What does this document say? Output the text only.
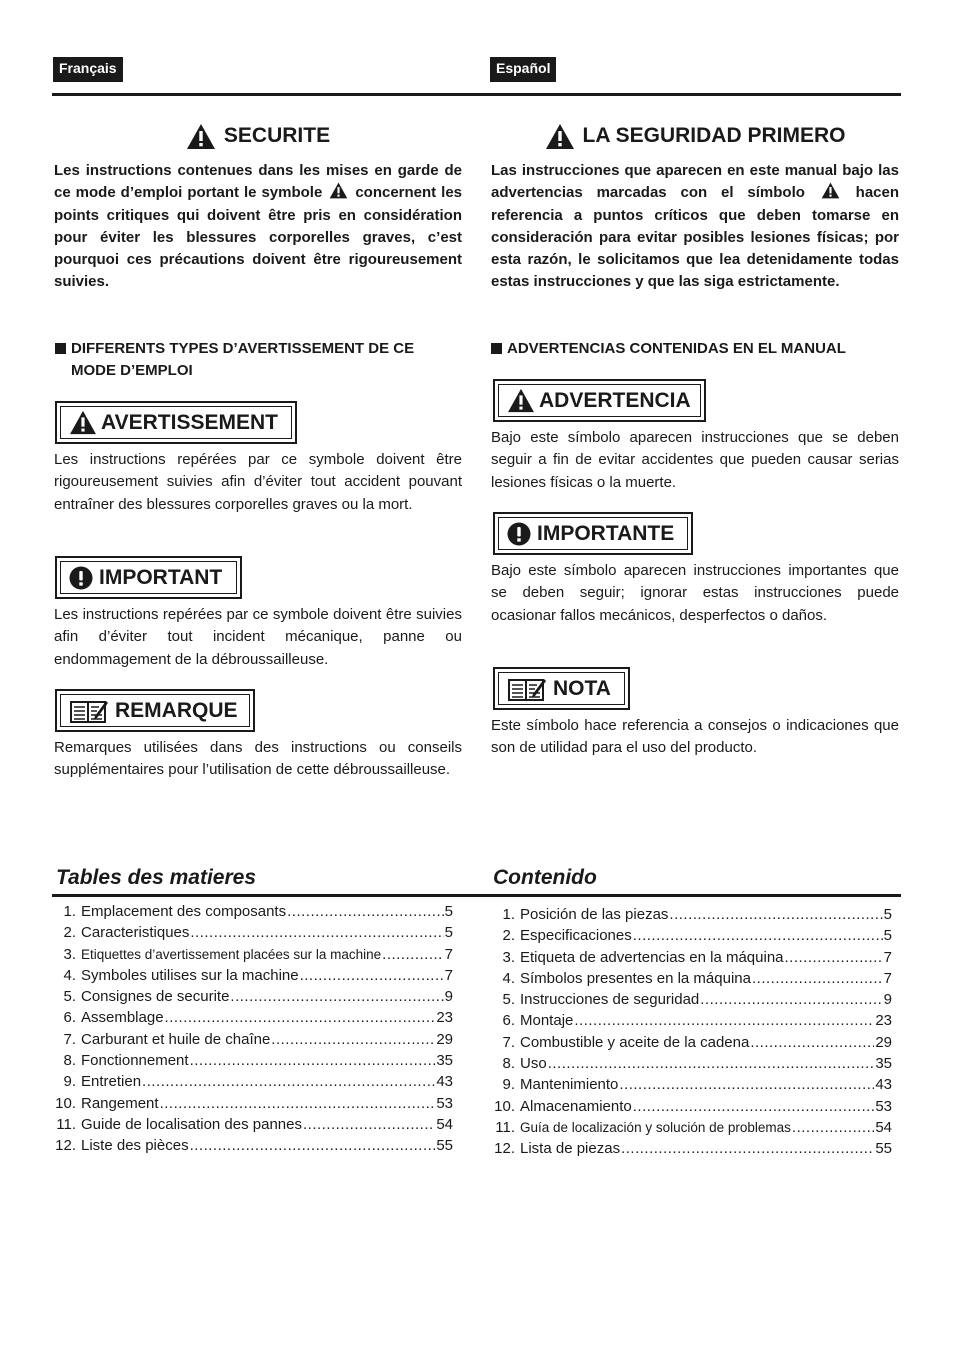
Français	Español
SECURITE
Les instructions contenues dans les mises en garde de ce mode d’emploi portant le symbole concernent les points critiques qui doivent être pris en considération pour éviter les blessures corporelles graves, c’est pourquoi ces précautions doivent être rigoureusement suivies.
DIFFERENTS TYPES D’AVERTISSEMENT DE CE MODE D’EMPLOI
AVERTISSEMENT
Les instructions repérées par ce symbole doivent être rigoureusement suivies afin d’éviter tout accident pouvant entraîner des blessures corporelles graves ou la mort.
IMPORTANT
Les instructions repérées par ce symbole doivent être suivies afin d’éviter tout incident mécanique, panne ou endommagement de la débroussailleuse.
REMARQUE
Remarques utilisées dans des instructions ou conseils supplémentaires pour l’utilisation de cette débroussailleuse.
LA SEGURIDAD PRIMERO
Las instrucciones que aparecen en este manual bajo las advertencias marcadas con el símbolo	hacen referencia a puntos críticos que deben tomarse en consideración para evitar posibles lesiones físicas; por esta razón, le solicitamos que lea detenidamente todas estas instrucciones y que las siga estrictamente.
ADVERTENCIAS CONTENIDAS EN EL MANUAL
ADVERTENCIA
Bajo este símbolo aparecen instrucciones que se deben seguir a fin de evitar accidentes que pueden causar serias lesiones físicas o la muerte.
IMPORTANTE
Bajo este símbolo aparecen instrucciones importantes que se deben seguir; ignorar estas instrucciones puede ocasionar fallos mecánicos, desperfectos o daños.
NOTA
Este símbolo hace referencia a consejos o indicaciones que son de utilidad para el uso del producto.
Tables des matieres	Contenido
1. Emplacement des composants .....	5
2. Caracteristiques .....	5
3. Etiquettes d’avertissement placées sur la machine .....	7
4. Symboles utilises sur la machine .....	7
5. Consignes de securite .....	9
6. Assemblage .....	23
7. Carburant et huile de chaîne .....	29
8. Fonctionnement .....	35
9. Entretien .....	43
10. Rangement .....	53
11. Guide de localisation des pannes .....	54
12. Liste des pièces .....	55
1. Posición de las piezas .....	5
2. Especificaciones .....	5
3. Etiqueta de advertencias en la máquina .....	7
4. Símbolos presentes en la máquina .....	7
5. Instrucciones de seguridad .....	9
6. Montaje .....	23
7. Combustible y aceite de la cadena .....	29
8. Uso .....	35
9. Mantenimiento .....	43
10. Almacenamiento .....	53
11. Guía de localización y solución de problemas .....	54
12. Lista de piezas .....	55
